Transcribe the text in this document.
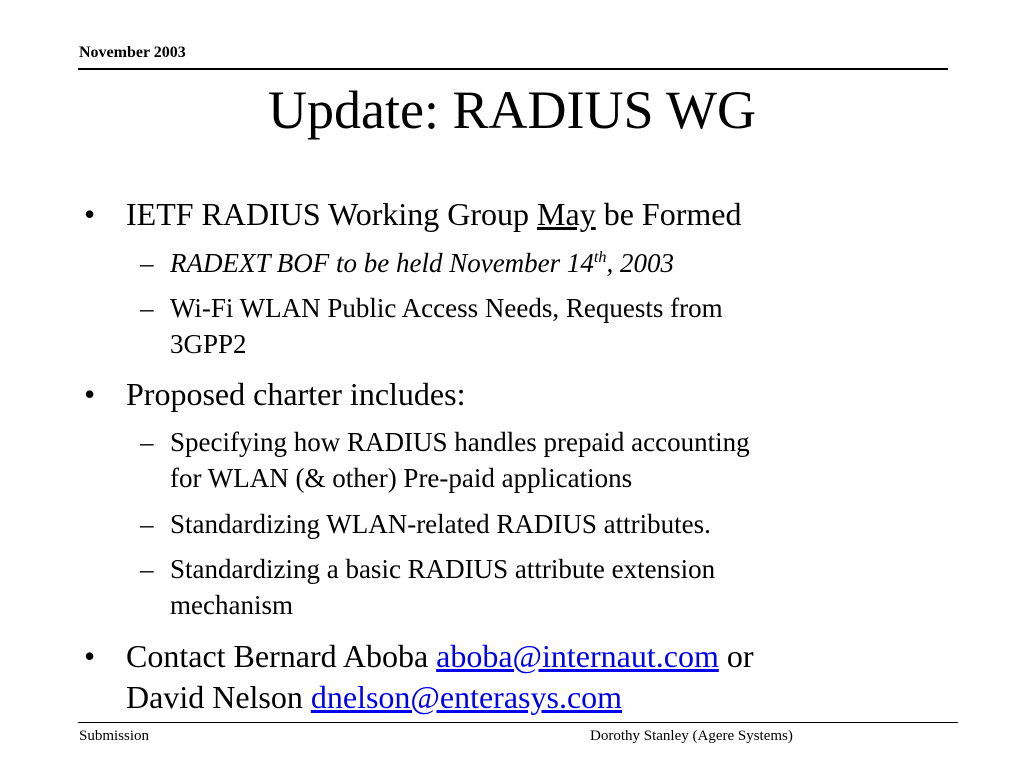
November 2003
Update: RADIUS WG
• IETF RADIUS Working Group May be Formed
– RADEXT BOF to be held November 14th, 2003
– Wi-Fi WLAN Public Access Needs, Requests from
3GPP2
• Proposed charter includes:
– Specifying how RADIUS handles prepaid accounting
for WLAN (& other) Pre-paid applications
– Standardizing WLAN-related RADIUS attributes.
– Standardizing a basic RADIUS attribute extension
mechanism
• Contact Bernard Aboba aboba@internaut.com or
David Nelson dnelson@enterasys.com
Submission	Dorothy Stanley (Agere Systems)
